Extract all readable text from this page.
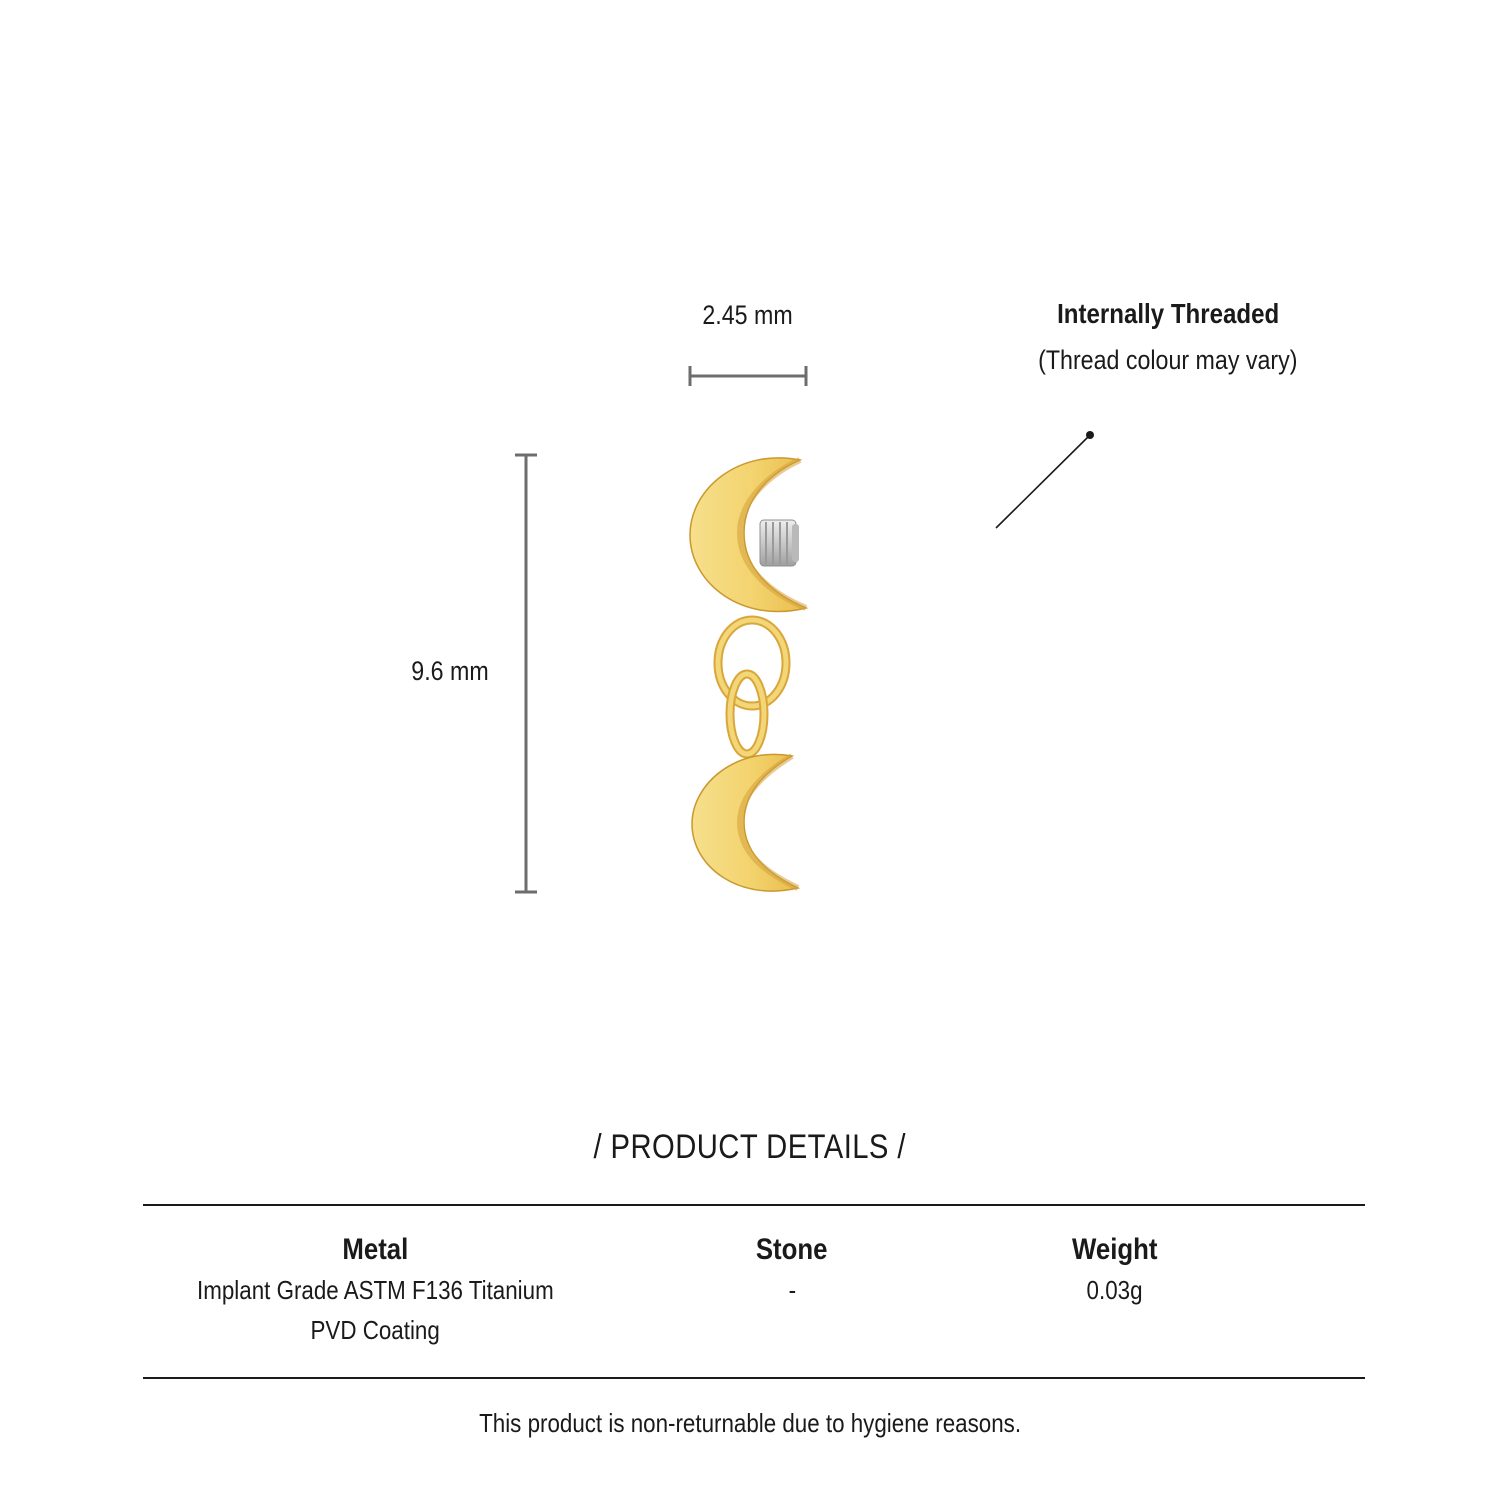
2.45 mm
9.6 mm
Internally Threaded
(Thread colour may vary)
/ PRODUCT DETAILS /
Metal
Implant Grade ASTM F136 Titanium
PVD Coating
Stone
-
Weight
0.03g
This product is non-returnable due to hygiene reasons.
